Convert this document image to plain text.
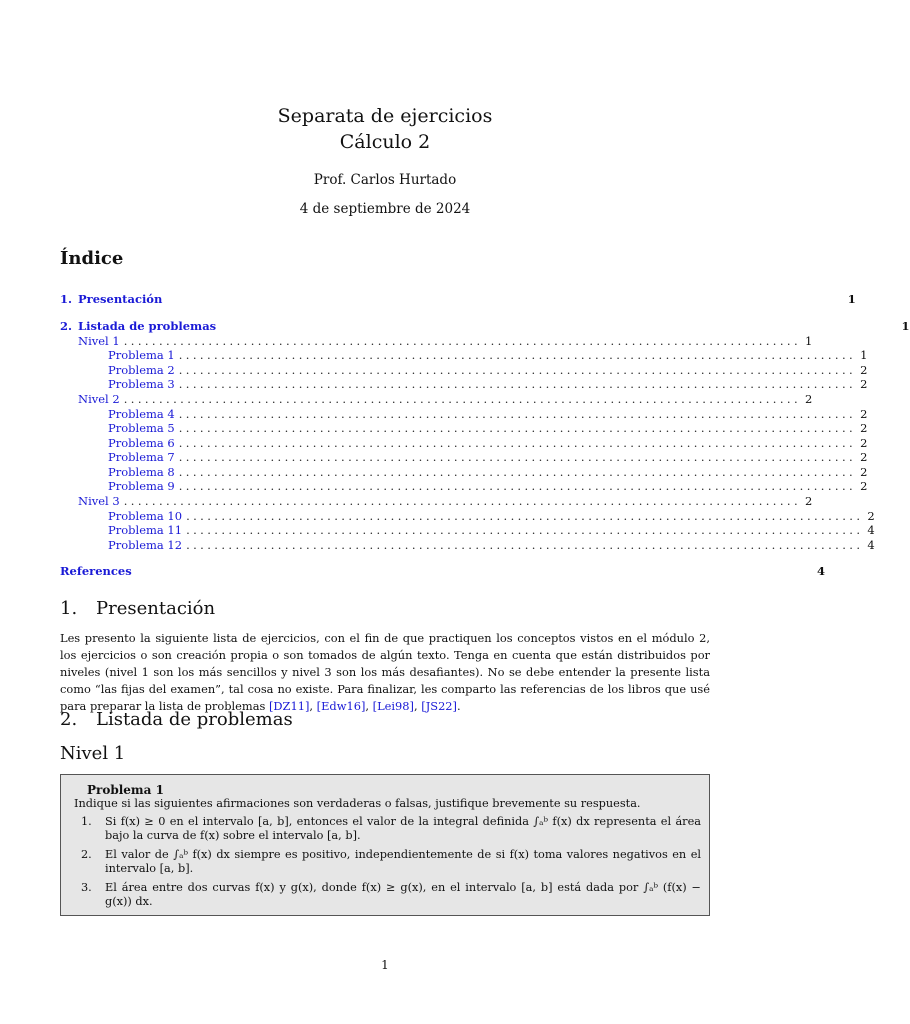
Separata de ejercicios
Cálculo 2
Prof. Carlos Hurtado
4 de septiembre de 2024
Índice
1. Presentación	1
2. Listada de problemas	1
Nivel 1 ................................................................................................ 1
Problema 1 ................................................................................................ 1
Problema 2 ................................................................................................ 2
Problema 3 ................................................................................................ 2
Nivel 2 ................................................................................................ 2
Problema 4 ................................................................................................ 2
Problema 5 ................................................................................................ 2
Problema 6 ................................................................................................ 2
Problema 7 ................................................................................................ 2
Problema 8 ................................................................................................ 2
Problema 9 ................................................................................................ 2
Nivel 3 ................................................................................................ 2
Problema 10 ................................................................................................ 2
Problema 11 ................................................................................................ 4
Problema 12 ................................................................................................ 4
References	4
1. Presentación
Les presento la siguiente lista de ejercicios, con el fin de que practiquen los conceptos vistos en el módulo 2, los ejercicios o son creación propia o son tomados de algún texto. Tenga en cuenta que están distribuidos por niveles (nivel 1 son los más sencillos y nivel 3 son los más desafiantes). No se debe entender la presente lista como “las fijas del examen”, tal cosa no existe. Para finalizar, les comparto las referencias de los libros que usé para preparar la lista de problemas [DZ11], [Edw16], [Lei98], [JS22].
2. Listada de problemas
Nivel 1
Problema 1
Indique si las siguientes afirmaciones son verdaderas o falsas, justifique brevemente su respuesta.
1.	Si f(x) ≥ 0 en el intervalo [a, b], entonces el valor de la integral definida ∫ₐᵇ f(x) dx representa el área bajo la curva de f(x) sobre el intervalo [a, b].
2.	El valor de ∫ₐᵇ f(x) dx siempre es positivo, independientemente de si f(x) toma valores negativos en el intervalo [a, b].
3.	El área entre dos curvas f(x) y g(x), donde f(x) ≥ g(x), en el intervalo [a, b] está dada por ∫ₐᵇ (f(x) − g(x)) dx.
1
